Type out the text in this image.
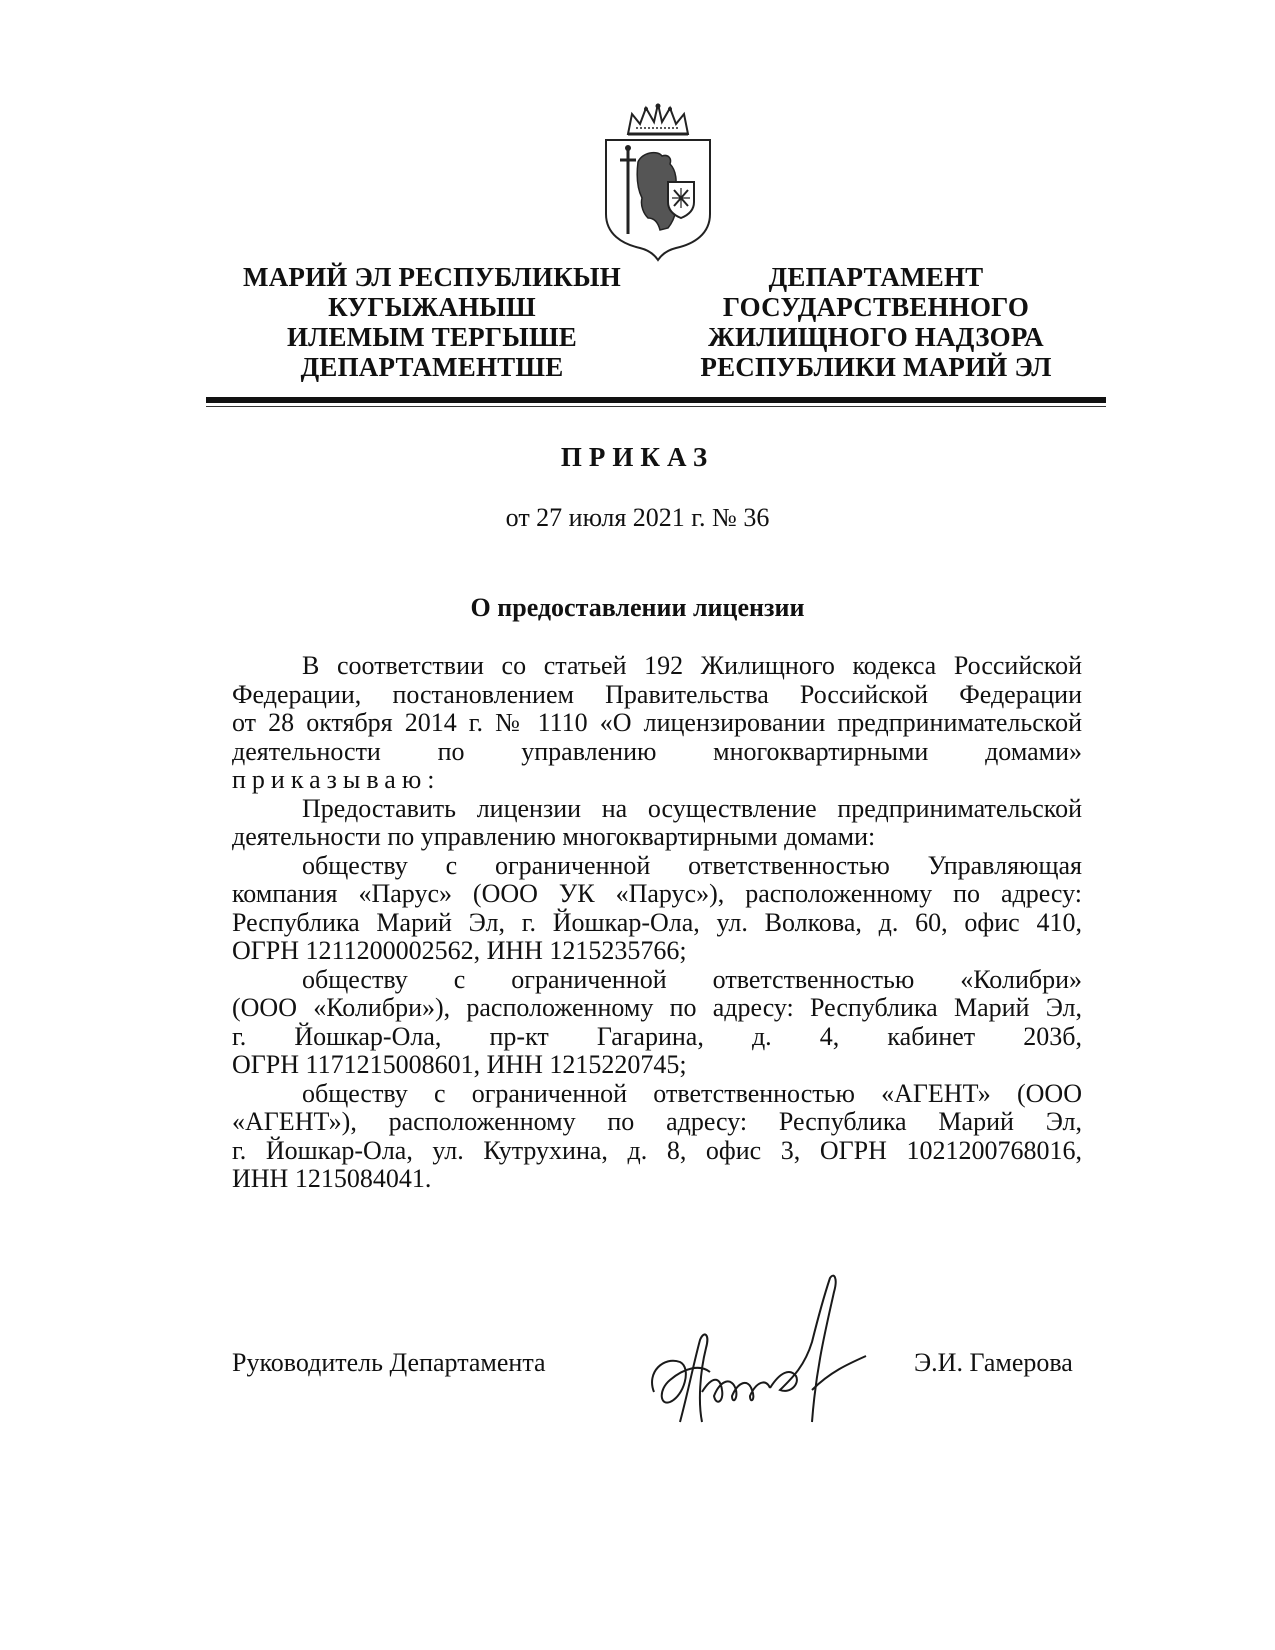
МАРИЙ ЭЛ РЕСПУБЛИКЫН
КУГЫЖАНЫШ
ИЛЕМЫМ ТЕРГЫШЕ
ДЕПАРТАМЕНТШЕ
ДЕПАРТАМЕНТ
ГОСУДАРСТВЕННОГО
ЖИЛИЩНОГО НАДЗОРА
РЕСПУБЛИКИ МАРИЙ ЭЛ
ПРИКАЗ
от 27 июля 2021 г. № 36
О предоставлении лицензии
В соответствии со статьей 192 Жилищного кодекса Российской
Федерации, постановлением Правительства Российской Федерации
от 28 октября 2014 г. № 1110 «О лицензировании предпринимательской
деятельности по управлению многоквартирными домами»
приказываю:
Предоставить лицензии на осуществление предпринимательской
деятельности по управлению многоквартирными домами:
обществу с ограниченной ответственностью Управляющая
компания «Парус» (ООО УК «Парус»), расположенному по адресу:
Республика Марий Эл, г. Йошкар-Ола, ул. Волкова, д. 60, офис 410,
ОГРН 1211200002562, ИНН 1215235766;
обществу с ограниченной ответственностью «Колибри»
(ООО «Колибри»), расположенному по адресу: Республика Марий Эл,
г. Йошкар-Ола, пр-кт Гагарина, д. 4, кабинет 203б,
ОГРН 1171215008601, ИНН 1215220745;
обществу с ограниченной ответственностью «АГЕНТ» (ООО
«АГЕНТ»), расположенному по адресу: Республика Марий Эл,
г. Йошкар-Ола, ул. Кутрухина, д. 8, офис 3, ОГРН 1021200768016,
ИНН 1215084041.
Руководитель Департамента	Э.И. Гамерова
